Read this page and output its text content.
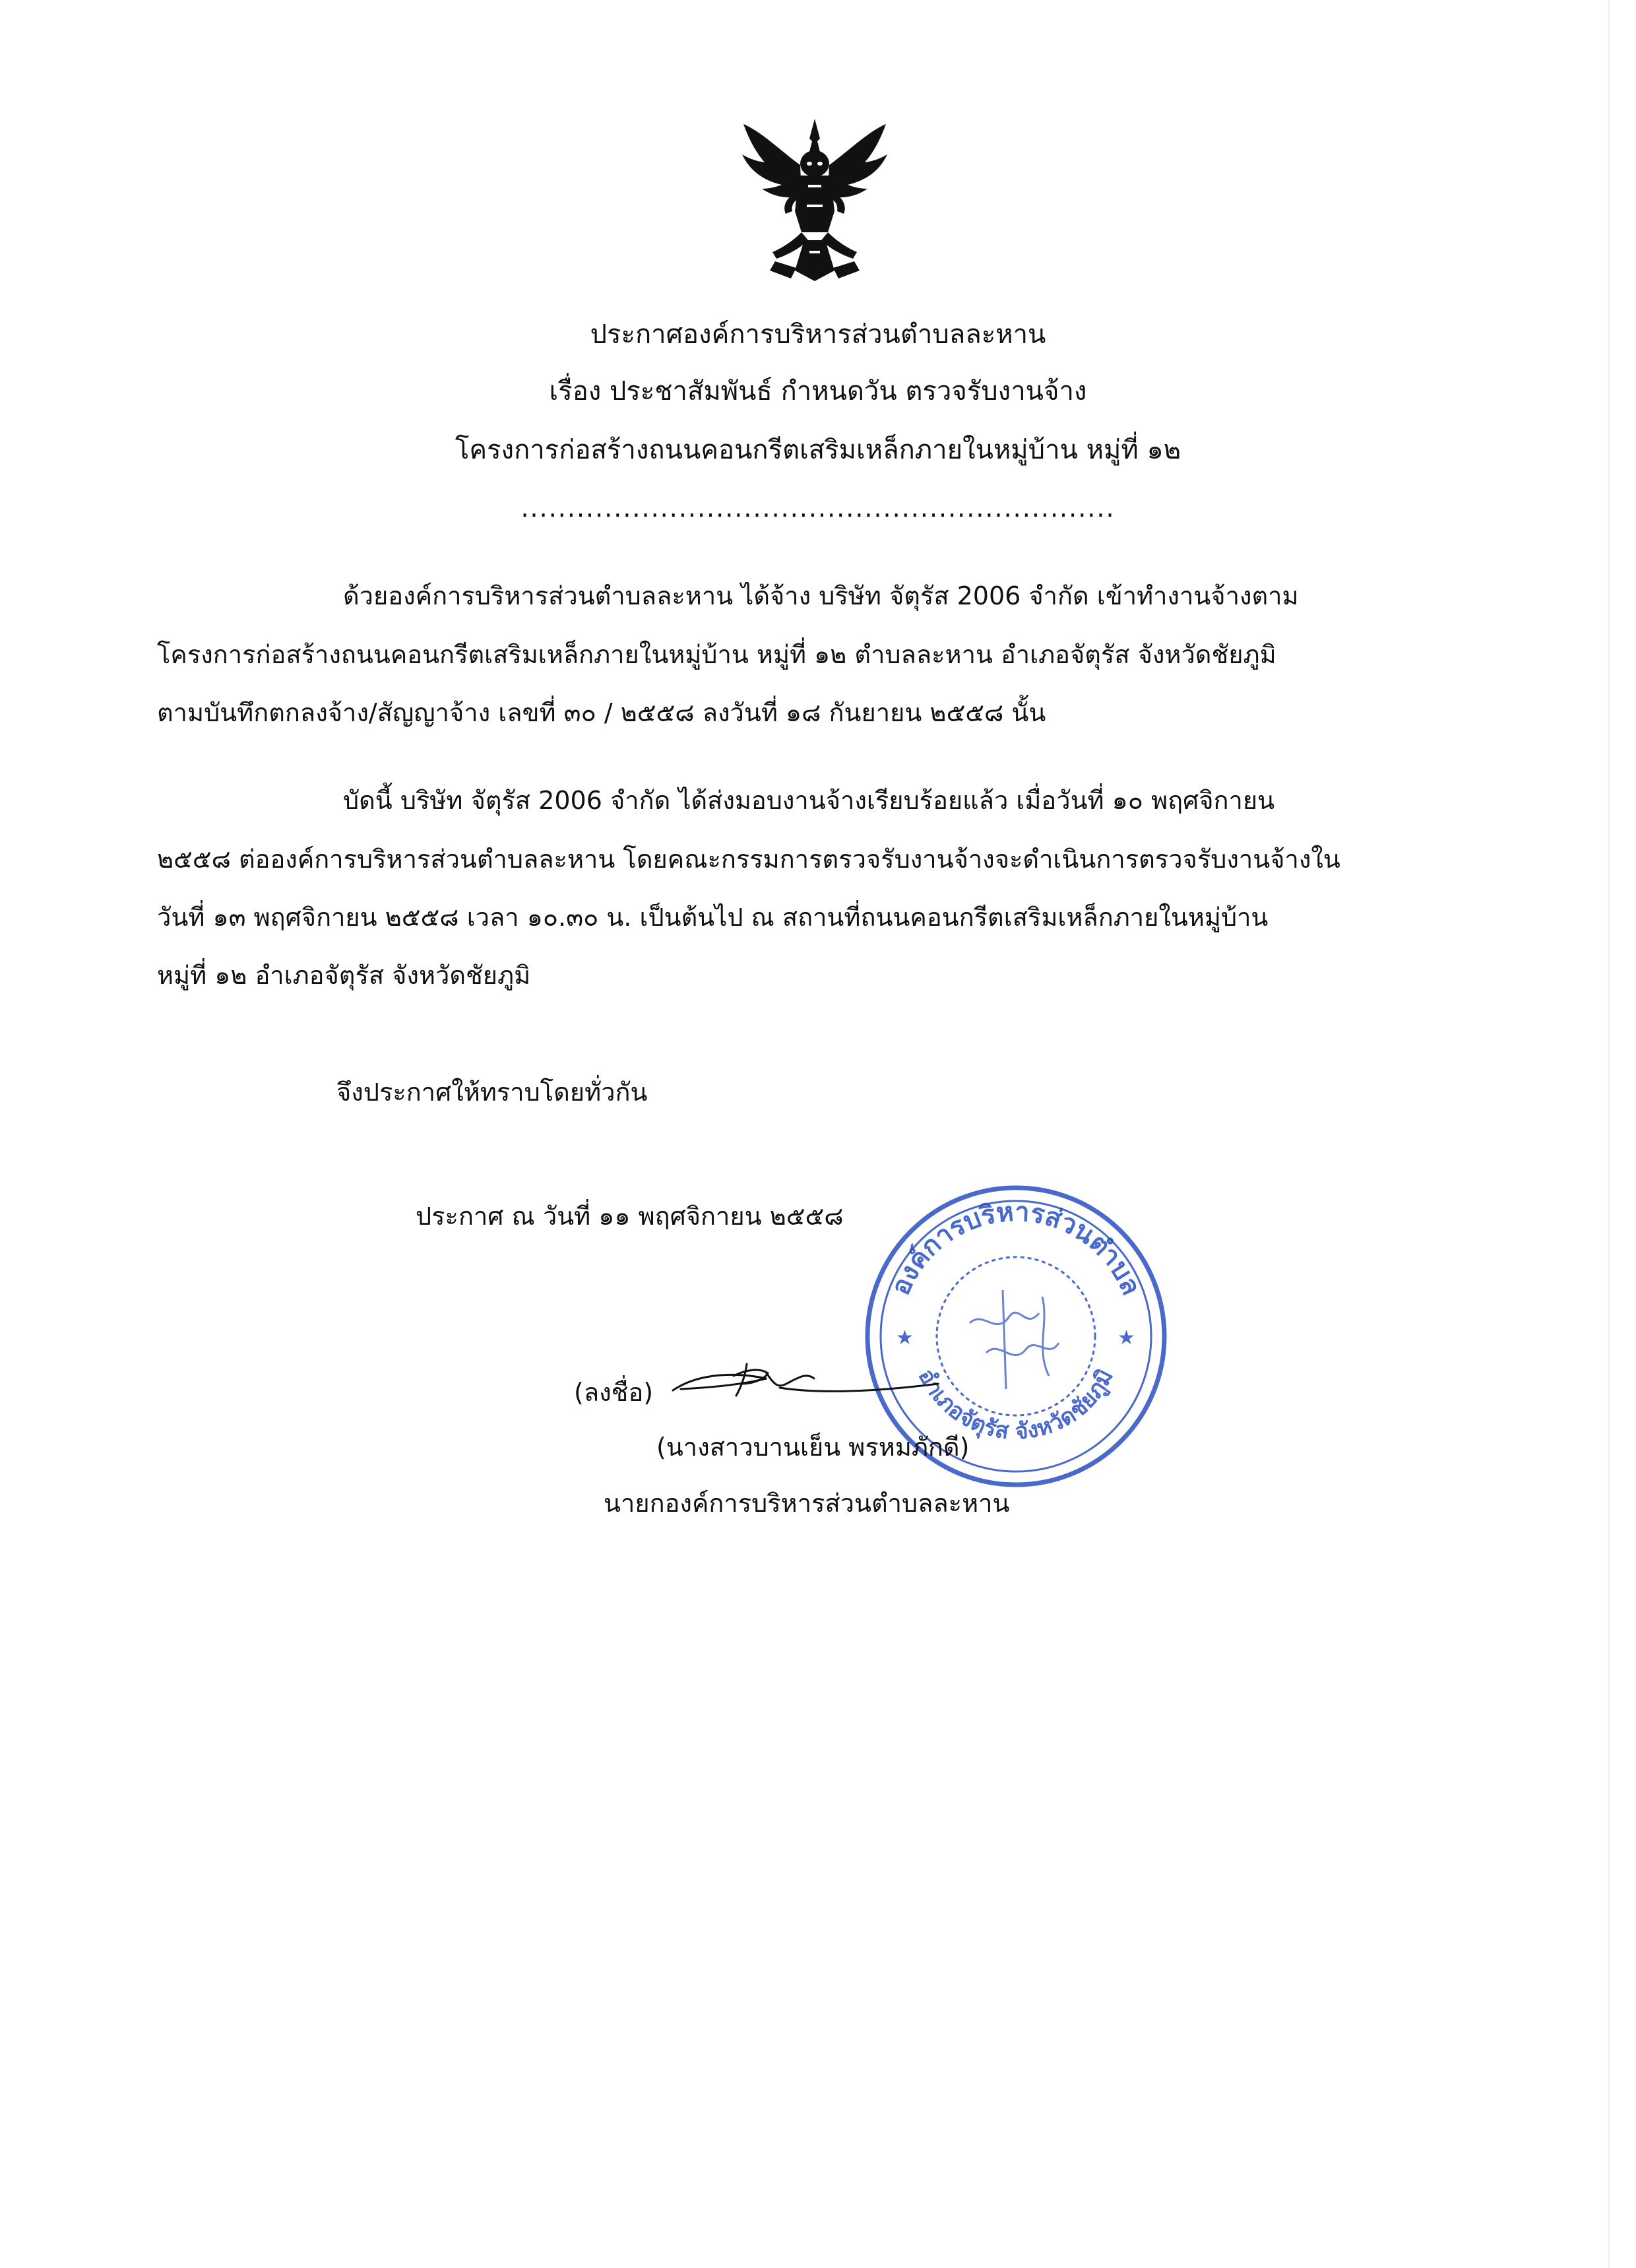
ประกาศองค์การบริหารส่วนตำบลละหาน
เรื่อง ประชาสัมพันธ์ กำหนดวัน ตรวจรับงานจ้าง
โครงการก่อสร้างถนนคอนกรีตเสริมเหล็กภายในหมู่บ้าน หมู่ที่ ๑๒
................................................................
ด้วยองค์การบริหารส่วนตำบลละหาน ได้จ้าง บริษัท จัตุรัส 2006 จำกัด เข้าทำงานจ้างตาม
โครงการก่อสร้างถนนคอนกรีตเสริมเหล็กภายในหมู่บ้าน หมู่ที่ ๑๒ ตำบลละหาน อำเภอจัตุรัส จังหวัดชัยภูมิ
ตามบันทึกตกลงจ้าง/สัญญาจ้าง เลขที่ ๓๐ / ๒๕๕๘ ลงวันที่ ๑๘ กันยายน ๒๕๕๘ นั้น
บัดนี้ บริษัท จัตุรัส 2006 จำกัด ได้ส่งมอบงานจ้างเรียบร้อยแล้ว เมื่อวันที่ ๑๐ พฤศจิกายน
๒๕๕๘ ต่อองค์การบริหารส่วนตำบลละหาน โดยคณะกรรมการตรวจรับงานจ้างจะดำเนินการตรวจรับงานจ้างใน
วันที่ ๑๓ พฤศจิกายน ๒๕๕๘ เวลา ๑๐.๓๐ น. เป็นต้นไป ณ สถานที่ถนนคอนกรีตเสริมเหล็กภายในหมู่บ้าน
หมู่ที่ ๑๒ อำเภอจัตุรัส จังหวัดชัยภูมิ
จึงประกาศให้ทราบโดยทั่วกัน
ประกาศ ณ วันที่ ๑๑ พฤศจิกายน ๒๕๕๘
องค์การบริหารส่วนตำบล
อำเภอจัตุรัส จังหวัดชัยภูมิ
★	★
(ลงชื่อ)
(นางสาวบานเย็น พรหมภักดี)
นายกองค์การบริหารส่วนตำบลละหาน
